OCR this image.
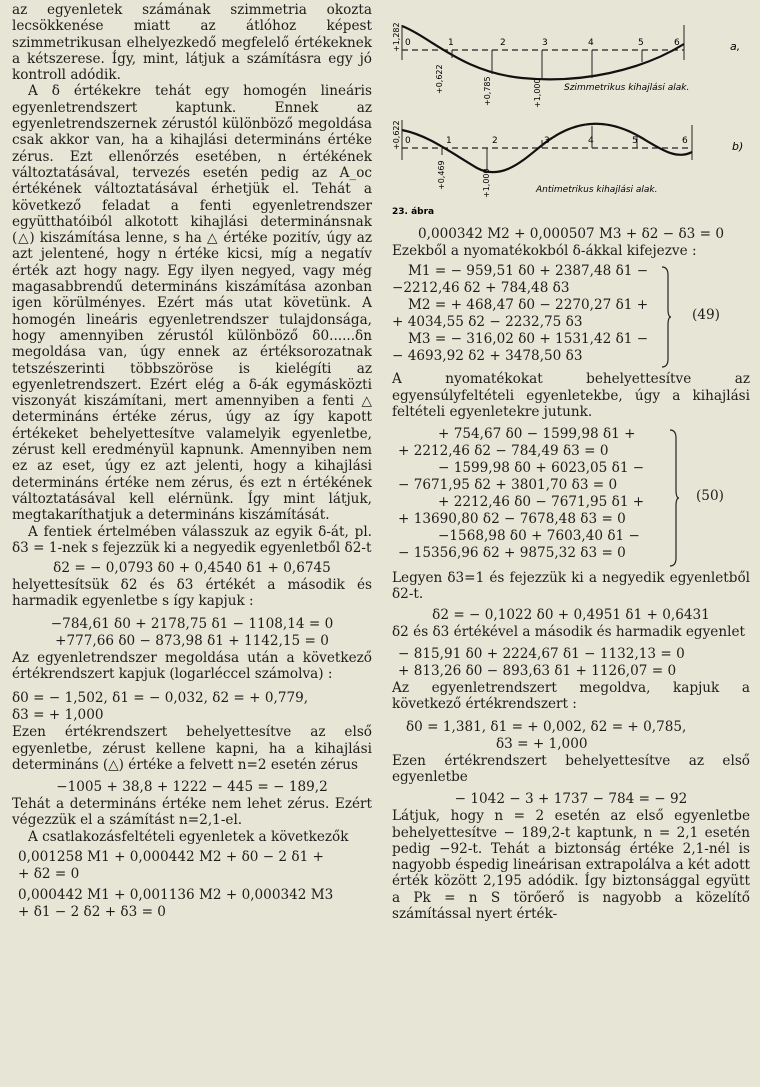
az egyenletek számának szimmetria okozta lecsökkenése miatt az átlóhoz képest szimmetrikusan elhelyezkedő megfelelő értékeknek a kétszerese. Így, mint, látjuk a számításra egy jó kontroll adódik.

A δ értékekre tehát egy homogén lineáris egyenletrendszert kaptunk. Ennek az egyenletrendszernek zérustól különböző megoldása csak akkor van, ha a kihajlási determináns értéke zérus. Ezt ellenőrzés esetében, n értékének változtatásával, tervezés esetén pedig az A_oc értékének változtatásával érhetjük el. Tehát a következő feladat a fenti egyenletrendszer együtthatóiból alkotott kihajlási determinánsnak (△) kiszámítása lenne, s ha △ értéke pozitív, úgy az azt jelentené, hogy n értéke kicsi, míg a negatív érték azt hogy nagy. Egy ilyen negyed, vagy még magasabbrendű determináns kiszámítása azonban igen körülményes. Ezért más utat követünk. A homogén lineáris egyenletrendszer tulajdonsága, hogy amennyiben zérustól különböző δ0......δn megoldása van, úgy ennek az értéksorozatnak tetszészerinti többszöröse is kielégíti az egyenletrendszert. Ezért elég a δ-ák egymásközti viszonyát kiszámítani, mert amennyiben a fenti △ determináns értéke zérus, úgy az így kapott értékeket behelyettesítve valamelyik egyenletbe, zérust kell eredményül kapnunk. Amennyiben nem ez az eset, úgy ez azt jelenti, hogy a kihajlási determináns értéke nem zérus, és ezt n értékének változtatásával kell elérnünk. Így mint látjuk, megtakaríthatjuk a determináns kiszámítását.

A fentiek értelmében válasszuk az egyik δ-át, pl. δ3 = 1-nek s fejezzük ki a negyedik egyenletből δ2-t

δ2 = − 0,0793 δ0 + 0,4540 δ1 + 0,6745

helyettesítsük δ2 és δ3 értékét a második és harmadik egyenletbe s így kapjuk :

−784,61 δ0 + 2178,75 δ1 − 1108,14 = 0

+777,66 δ0 − 873,98 δ1 + 1142,15 = 0

Az egyenletrendszer megoldása után a következő értékrendszert kapjuk (logarléccel számolva) :

δ0 = − 1,502, δ1 = − 0,032, δ2 = + 0,779,

δ3 = + 1,000

Ezen értékrendszert behelyettesítve az első egyenletbe, zérust kellene kapni, ha a kihajlási determináns (△) értéke a felvett n=2 esetén zérus

−1005 + 38,8 + 1222 − 445 = − 189,2

Tehát a determináns értéke nem lehet zérus. Ezért végezzük el a számítást n=2,1-el.

A csatlakozásfeltételi egyenletek a következők

0,001258 M1 + 0,000442 M2 + δ0 − 2 δ1 +

+ δ2 = 0

0,000442 M1 + 0,001136 M2 + 0,000342 M3

+ δ1 − 2 δ2 + δ3 = 0

0	1	2	3	4	5	6
+1,282
+0,622	+0,785	+1,000
a,
Szimmetrikus kihajlási alak.
0	1	2	3	4	5	6
+0,622
+0,469	+1,000
b)
Antimetrikus kihajlási alak.
23. ábra

0,000342 M2 + 0,000507 M3 + δ2 − δ3 = 0

Ezekből a nyomatékokból δ-ákkal kifejezve :

M1 = − 959,51 δ0 + 2387,48 δ1 −

−2212,46 δ2 + 784,48 δ3

M2 = + 468,47 δ0 − 2270,27 δ1 +

+ 4034,55 δ2 − 2232,75 δ3

M3 = − 316,02 δ0 + 1531,42 δ1 −

− 4693,92 δ2 + 3478,50 δ3

(49)

A nyomatékokat behelyettesítve az egyensúlyfeltételi egyenletekbe, úgy a kihajlási feltételi egyenletekre jutunk.

+ 754,67 δ0 − 1599,98 δ1 +

+ 2212,46 δ2 − 784,49 δ3 = 0

− 1599,98 δ0 + 6023,05 δ1 −

− 7671,95 δ2 + 3801,70 δ3 = 0

+ 2212,46 δ0 − 7671,95 δ1 +

+ 13690,80 δ2 − 7678,48 δ3 = 0

−1568,98 δ0 + 7603,40 δ1 −

− 15356,96 δ2 + 9875,32 δ3 = 0

(50)

Legyen δ3=1 és fejezzük ki a negyedik egyenletből δ2-t.

δ2 = − 0,1022 δ0 + 0,4951 δ1 + 0,6431

δ2 és δ3 értékével a második és harmadik egyenlet

− 815,91 δ0 + 2224,67 δ1 − 1132,13 = 0

+ 813,26 δ0 − 893,63 δ1 + 1126,07 = 0

Az egyenletrendszert megoldva, kapjuk a következő értékrendszert :

δ0 = 1,381, δ1 = + 0,002, δ2 = + 0,785,

δ3 = + 1,000

Ezen értékrendszert behelyettesítve az első egyenletbe

− 1042 − 3 + 1737 − 784 = − 92

Látjuk, hogy n = 2 esetén az első egyenletbe behelyettesítve − 189,2-t kaptunk, n = 2,1 esetén pedig −92-t. Tehát a biztonság értéke 2,1-nél is nagyobb éspedig lineárisan extrapolálva a két adott érték között 2,195 adódik. Így biztonsággal együtt a Pk = n S törőerő is nagyobb a közelítő számítással nyert érték-
